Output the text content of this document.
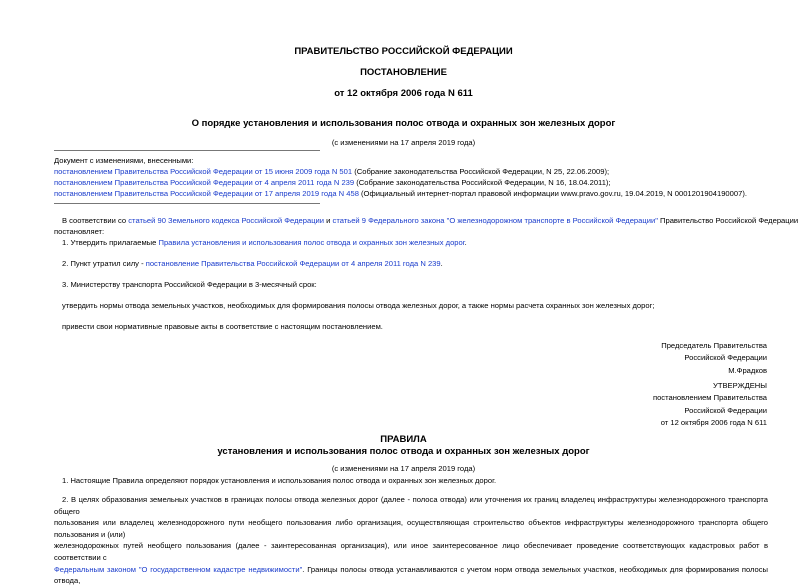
ПРАВИТЕЛЬСТВО РОССИЙСКОЙ ФЕДЕРАЦИИ
ПОСТАНОВЛЕНИЕ
от 12 октября 2006 года N 611
О порядке установления и использования полос отвода и охранных зон железных дорог
(с изменениями на 17 апреля 2019 года)
Документ с изменениями, внесенными:
постановлением Правительства Российской Федерации от 15 июня 2009 года N 501 (Собрание законодательства Российской Федерации, N 25, 22.06.2009);
постановлением Правительства Российской Федерации от 4 апреля 2011 года N 239 (Собрание законодательства Российской Федерации, N 16, 18.04.2011);
постановлением Правительства Российской Федерации от 17 апреля 2019 года N 458 (Официальный интернет-портал правовой информации www.pravo.gov.ru, 19.04.2019, N 0001201904190007).
В соответствии со статьей 90 Земельного кодекса Российской Федерации и статьей 9 Федерального закона "О железнодорожном транспорте в Российской Федерации" Правительство Российской Федерации
постановляет:
1. Утвердить прилагаемые Правила установления и использования полос отвода и охранных зон железных дорог.
2. Пункт утратил силу - постановление Правительства Российской Федерации от 4 апреля 2011 года N 239.
3. Министерству транспорта Российской Федерации в 3-месячный срок:
утвердить нормы отвода земельных участков, необходимых для формирования полосы отвода железных дорог, а также нормы расчета охранных зон железных дорог;
привести свои нормативные правовые акты в соответствие с настоящим постановлением.
Председатель Правительства
Российской Федерации
М.Фрадков
УТВЕРЖДЕНЫ
постановлением Правительства
Российской Федерации
от 12 октября 2006 года N 611
ПРАВИЛА
установления и использования полос отвода и охранных зон железных дорог
(с изменениями на 17 апреля 2019 года)
1. Настоящие Правила определяют порядок установления и использования полос отвода и охранных зон железных дорог.
2. В целях образования земельных участков в границах полосы отвода железных дорог (далее - полоса отвода) или уточнения их границ владелец инфраструктуры железнодорожного транспорта общего
пользования или владелец железнодорожного пути необщего пользования либо организация, осуществляющая строительство объектов инфраструктуры железнодорожного транспорта общего пользования и (или)
железнодорожных путей необщего пользования (далее - заинтересованная организация), или иное заинтересованное лицо обеспечивает проведение соответствующих кадастровых работ в соответствии с
Федеральным законом "О государственном кадастре недвижимости". Границы полосы отвода устанавливаются с учетом норм отвода земельных участков, необходимых для формирования полосы отвода,
